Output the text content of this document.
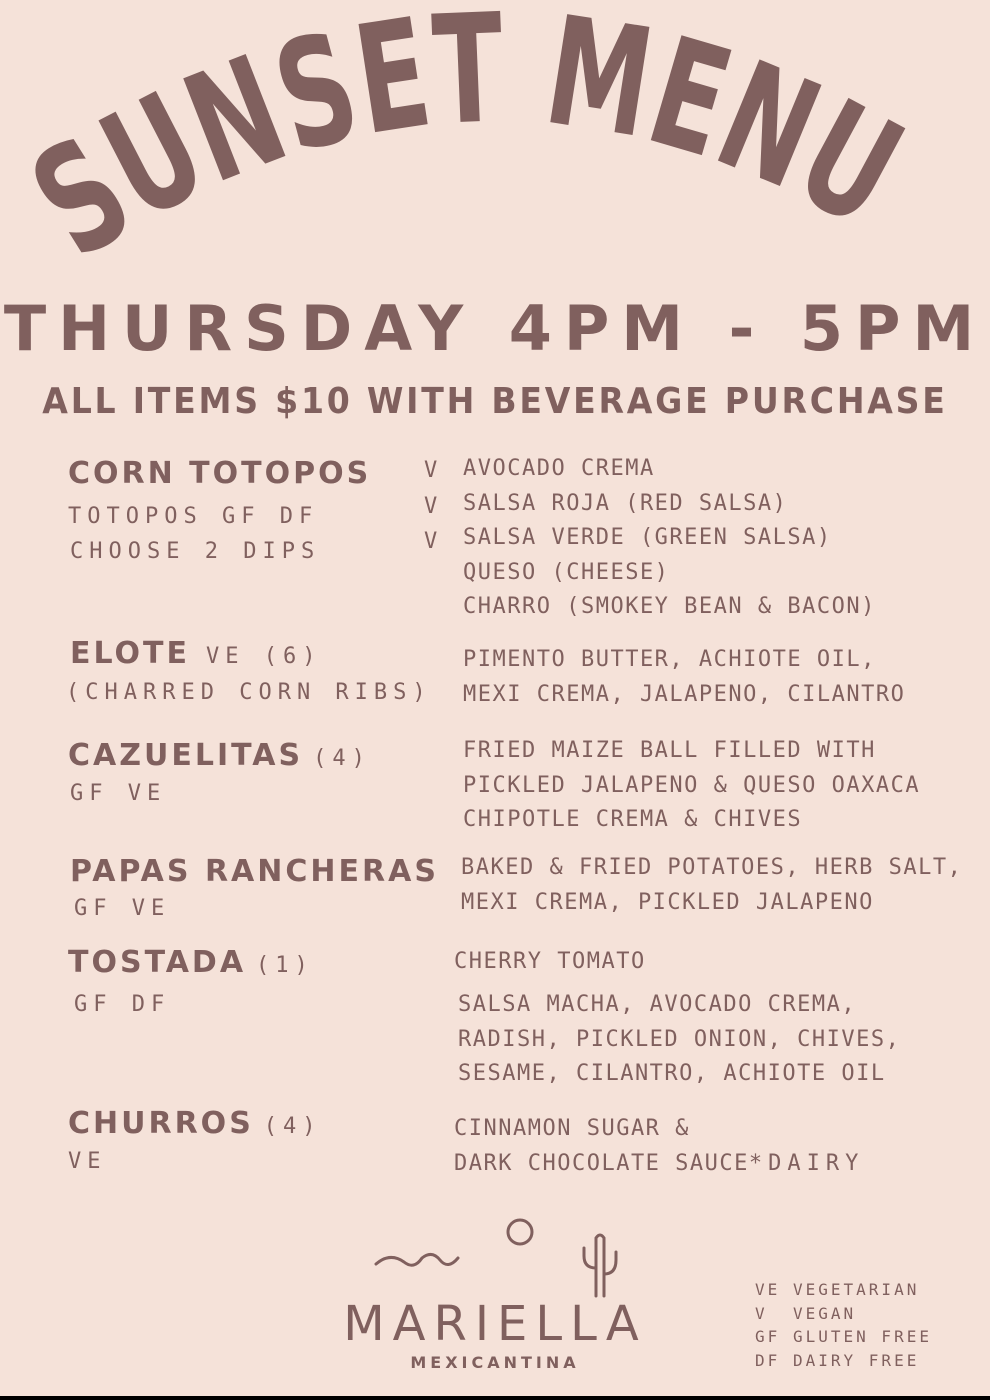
SUNSET MENU
THURSDAY 4PM - 5PM
ALL ITEMS $10 WITH BEVERAGE PURCHASE
CORN TOTOPOS
TOTOPOS GF DF
CHOOSE 2 DIPS
V
V
V
AVOCADO CREMA
SALSA ROJA (RED SALSA)
SALSA VERDE (GREEN SALSA)
QUESO (CHEESE)
CHARRO (SMOKEY BEAN & BACON)
ELOTE VE (6)
(CHARRED CORN RIBS)
PIMENTO BUTTER, ACHIOTE OIL,
MEXI CREMA, JALAPENO, CILANTRO
CAZUELITAS (4)
GF VE
FRIED MAIZE BALL FILLED WITH
PICKLED JALAPENO & QUESO OAXACA
CHIPOTLE CREMA & CHIVES
PAPAS RANCHERAS
GF VE
BAKED & FRIED POTATOES, HERB SALT,
MEXI CREMA, PICKLED JALAPENO
TOSTADA (1)
GF DF
CHERRY TOMATO
SALSA MACHA, AVOCADO CREMA,
RADISH, PICKLED ONION, CHIVES,
SESAME, CILANTRO, ACHIOTE OIL
CHURROS (4)
VE
CINNAMON SUGAR &
DARK CHOCOLATE SAUCE*DAIRY
MARIELLA
MEXICANTINA
VE VEGETARIAN
V VEGAN
GF GLUTEN FREE
DF DAIRY FREE
